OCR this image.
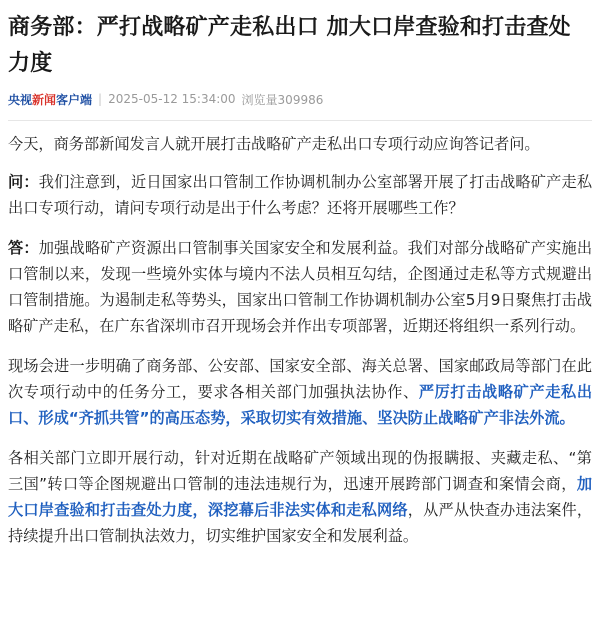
商务部：严打战略矿产走私出口 加大口岸查验和打击查处力度
央视新闻客户端 | 2025-05-12 15:34:00 浏览量309986

今天，商务部新闻发言人就开展打击战略矿产走私出口专项行动应询答记者问。

问：我们注意到，近日国家出口管制工作协调机制办公室部署开展了打击战略矿产走私出口专项行动，请问专项行动是出于什么考虑？还将开展哪些工作？

答：加强战略矿产资源出口管制事关国家安全和发展利益。我们对部分战略矿产实施出口管制以来，发现一些境外实体与境内不法人员相互勾结，企图通过走私等方式规避出口管制措施。为遏制走私等势头，国家出口管制工作协调机制办公室5月9日聚焦打击战略矿产走私，在广东省深圳市召开现场会并作出专项部署，近期还将组织一系列行动。

现场会进一步明确了商务部、公安部、国家安全部、海关总署、国家邮政局等部门在此次专项行动中的任务分工，要求各相关部门加强执法协作、严厉打击战略矿产走私出口、形成“齐抓共管”的高压态势，采取切实有效措施、坚决防止战略矿产非法外流。

各相关部门立即开展行动，针对近期在战略矿产领域出现的伪报瞒报、夹藏走私、“第三国”转口等企图规避出口管制的违法违规行为，迅速开展跨部门调查和案情会商，加大口岸查验和打击查处力度，深挖幕后非法实体和走私网络，从严从快查办违法案件，持续提升出口管制执法效力，切实维护国家安全和发展利益。
